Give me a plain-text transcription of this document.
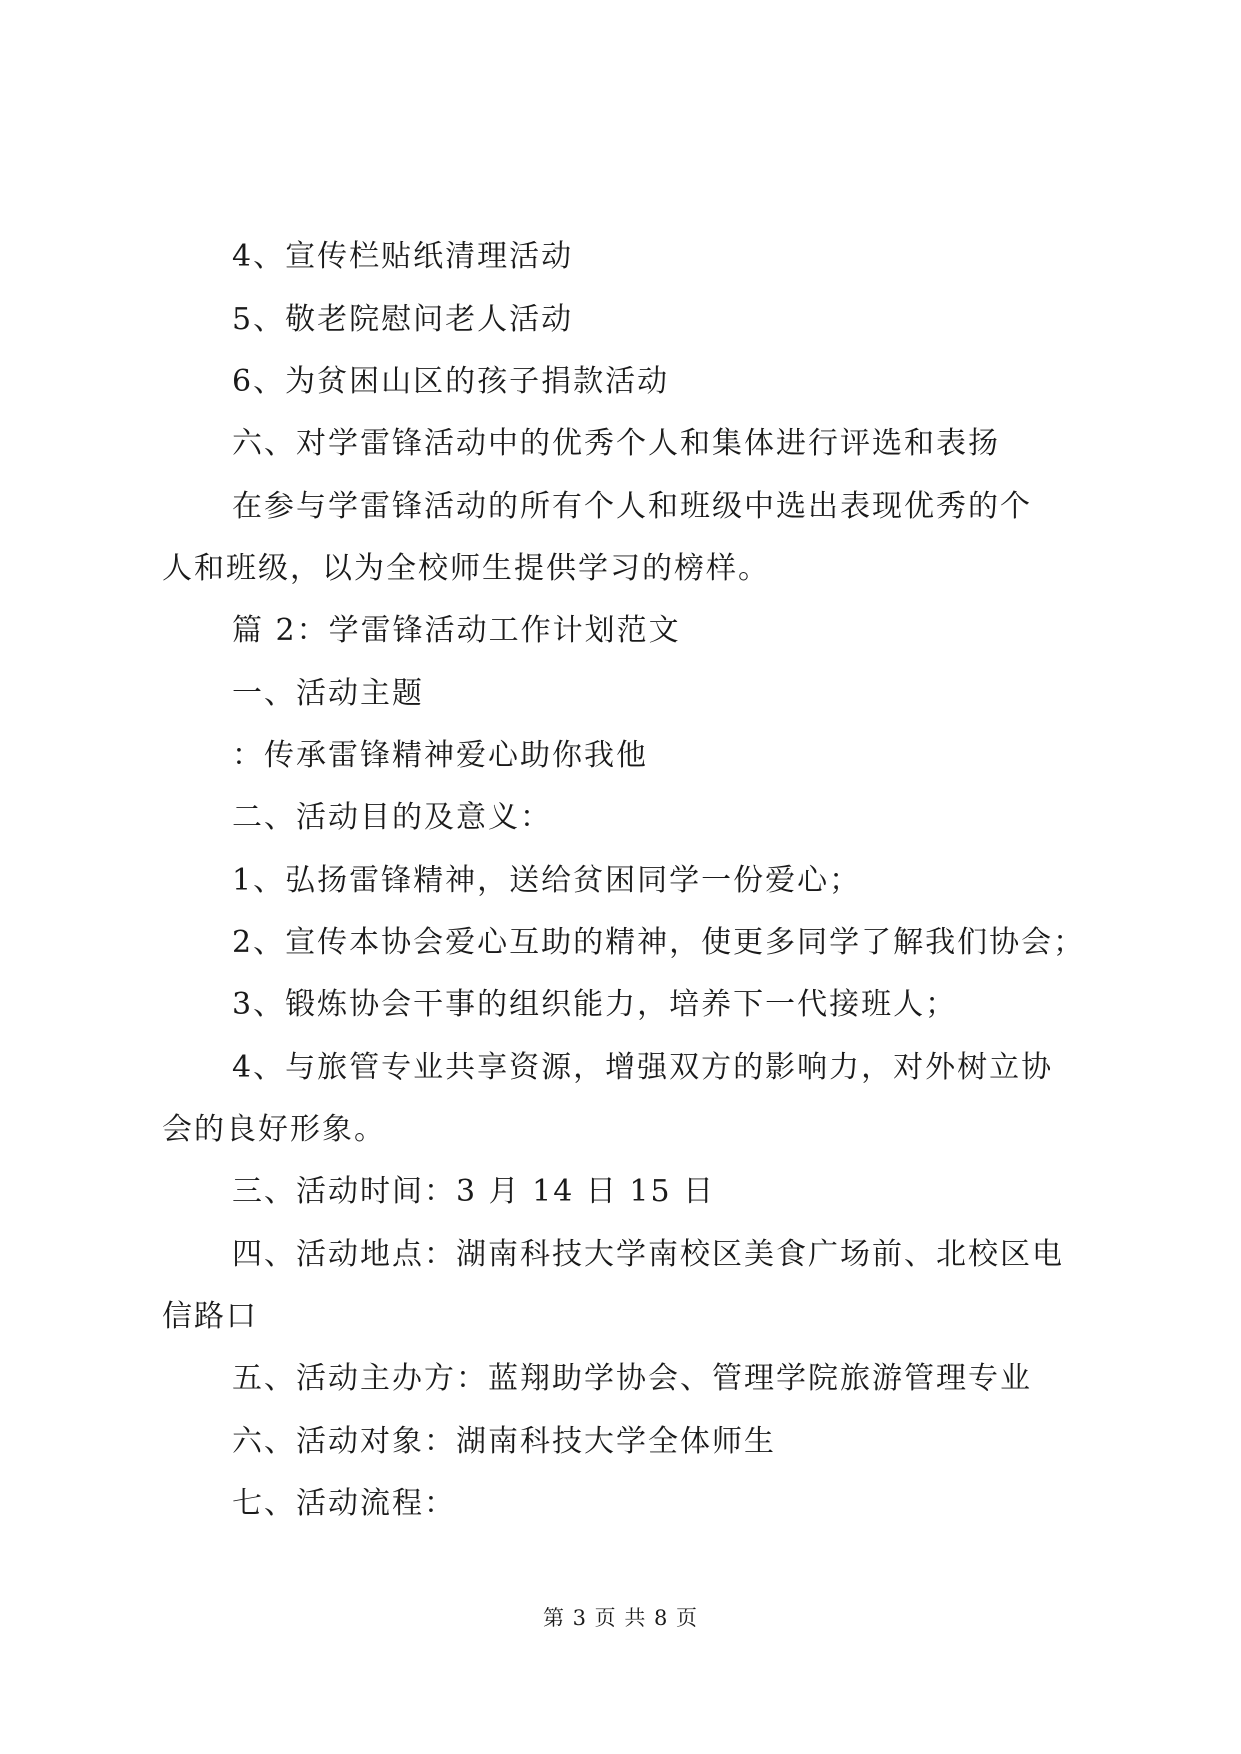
4、宣传栏贴纸清理活动
5、敬老院慰问老人活动
6、为贫困山区的孩子捐款活动
六、对学雷锋活动中的优秀个人和集体进行评选和表扬
在参与学雷锋活动的所有个人和班级中选出表现优秀的个
人和班级，以为全校师生提供学习的榜样。
篇 2：学雷锋活动工作计划范文
一、活动主题
：传承雷锋精神爱心助你我他
二、活动目的及意义：
1、弘扬雷锋精神，送给贫困同学一份爱心；
2、宣传本协会爱心互助的精神，使更多同学了解我们协会；
3、锻炼协会干事的组织能力，培养下一代接班人；
4、与旅管专业共享资源，增强双方的影响力，对外树立协
会的良好形象。
三、活动时间：3 月 14 日 15 日
四、活动地点：湖南科技大学南校区美食广场前、北校区电
信路口
五、活动主办方：蓝翔助学协会、管理学院旅游管理专业
六、活动对象：湖南科技大学全体师生
七、活动流程：
第 3 页 共 8 页
